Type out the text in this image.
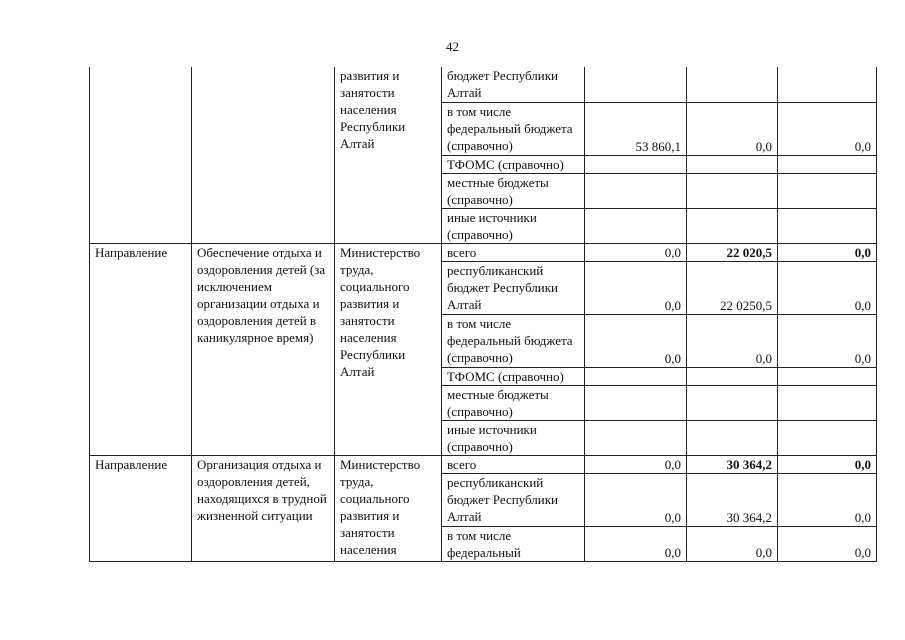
42
		развития и занятости населения Республики Алтай	бюджет Республики Алтай			
			в том числе федеральный бюджета (справочно)	53 860,1	0,0	0,0
			ТФОМС (справочно)			
			местные бюджеты (справочно)			
			иные источники (справочно)			
Направление	Обеспечение отдыха и оздоровления детей (за исключением организации отдыха и оздоровления детей в каникулярное время)	Министерство труда, социального развития и занятости населения Республики Алтай	всего	0,0	22 020,5	0,0
			республиканский бюджет Республики Алтай	0,0	22 0250,5	0,0
			в том числе федеральный бюджета (справочно)	0,0	0,0	0,0
			ТФОМС (справочно)			
			местные бюджеты (справочно)			
			иные источники (справочно)			
Направление	Организация отдыха и оздоровления детей, находящихся в трудной жизненной ситуации	Министерство труда, социального развития и занятости населения	всего	0,0	30 364,2	0,0
			республиканский бюджет Республики Алтай	0,0	30 364,2	0,0
			в том числе федеральный	0,0	0,0	0,0
